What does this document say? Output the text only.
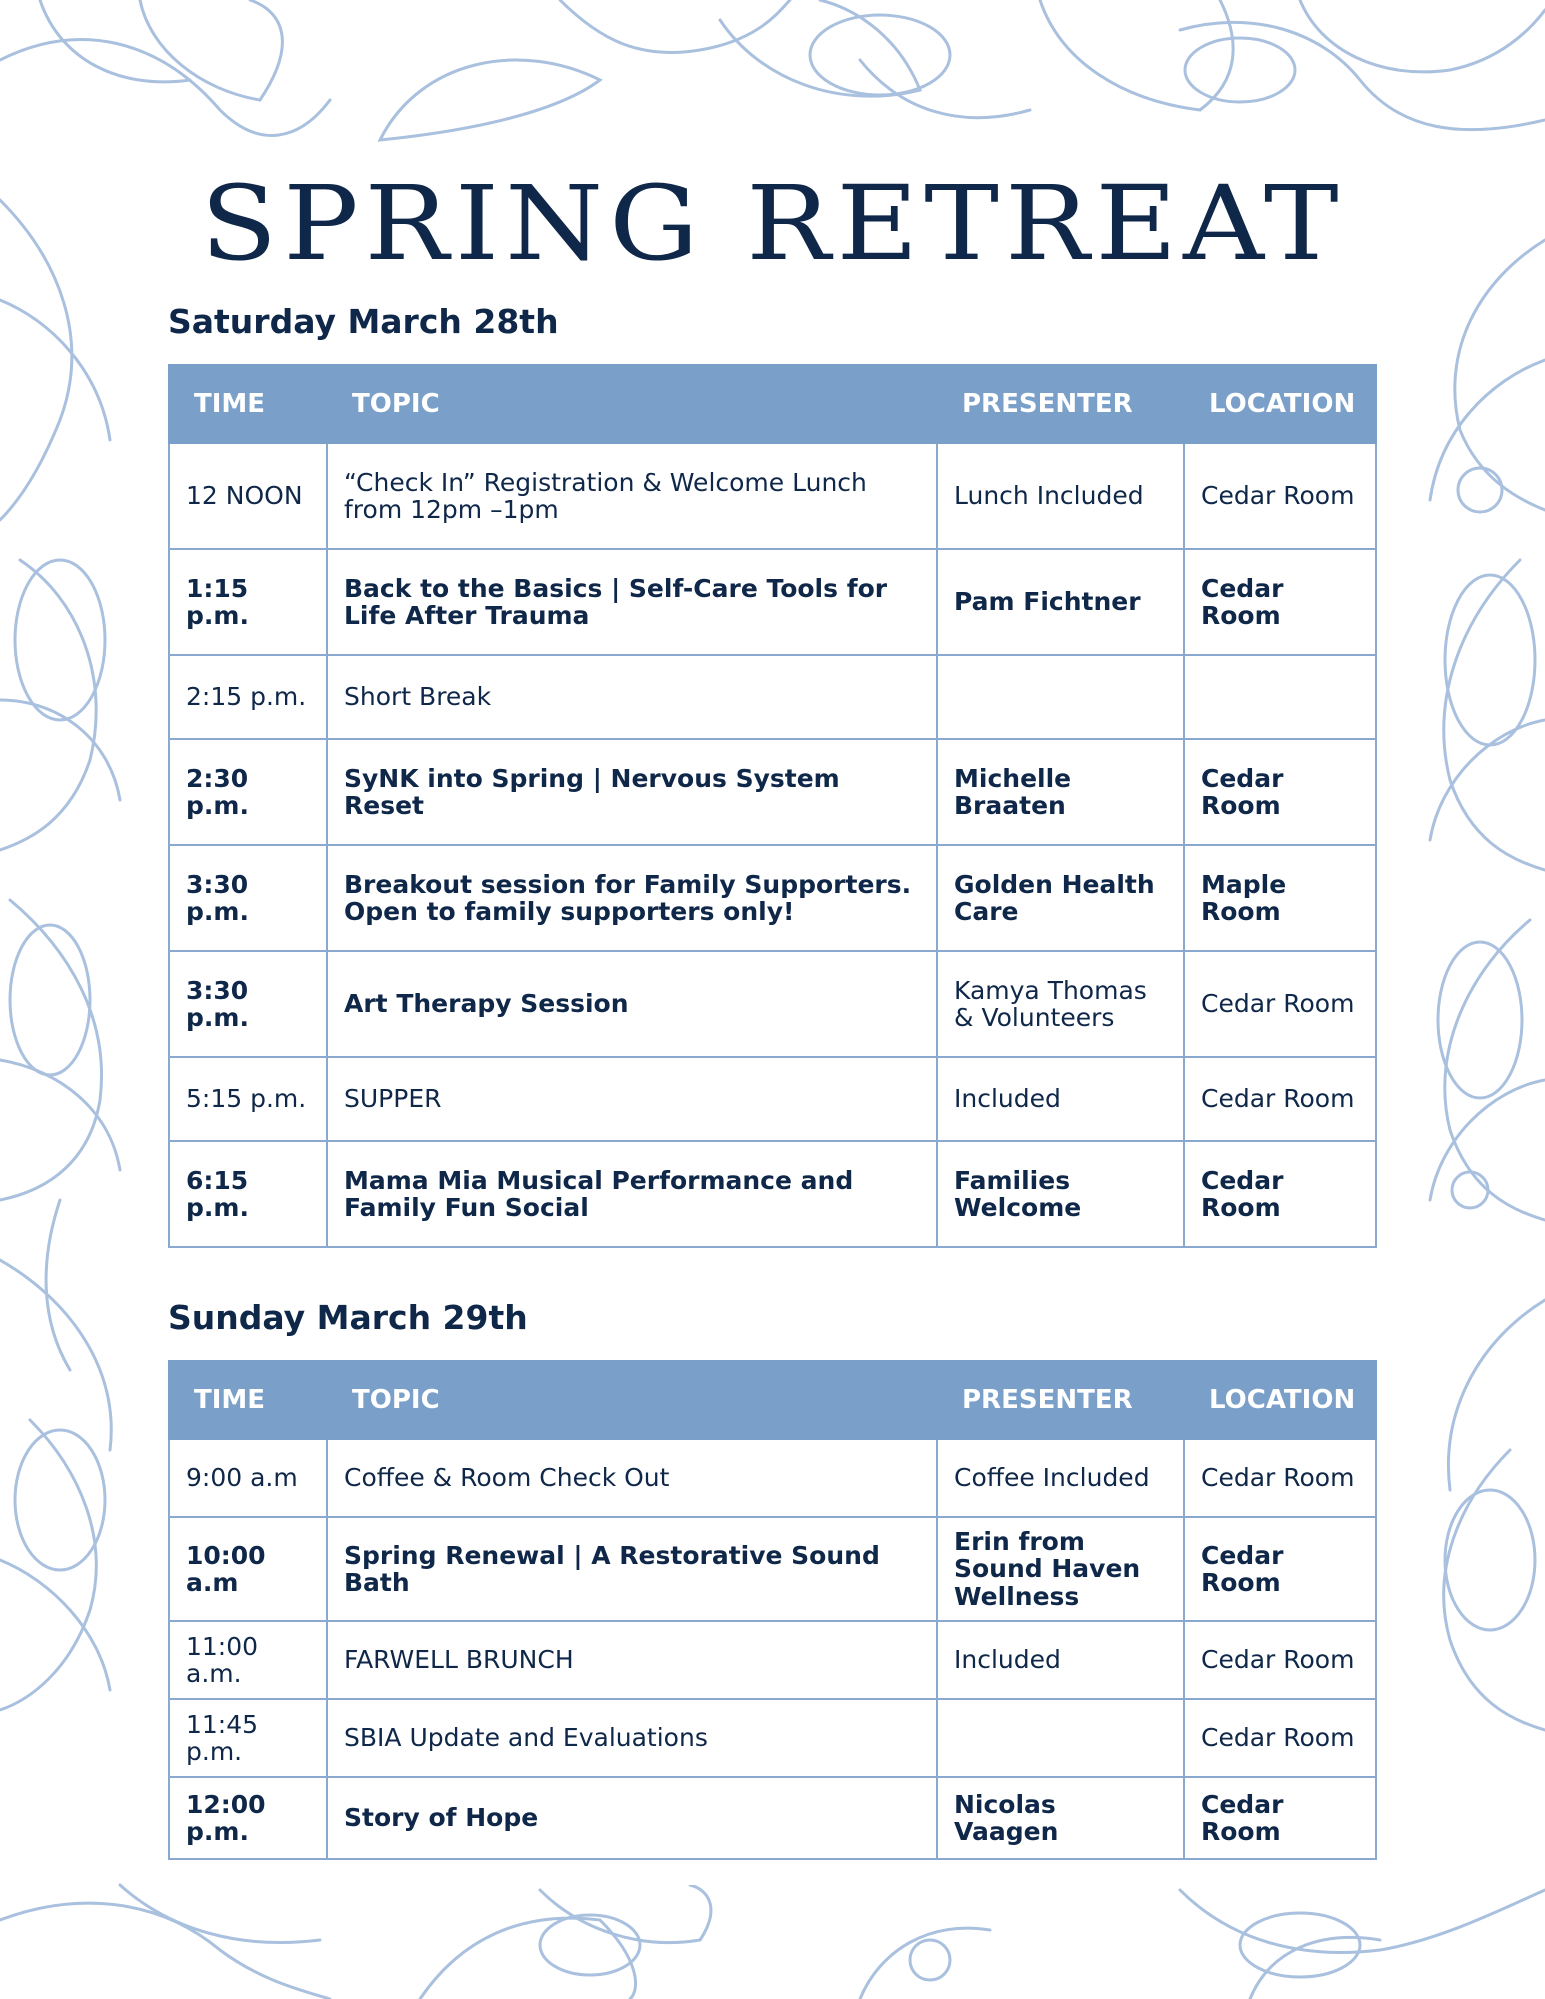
SPRING RETREAT
Saturday March 28th
TIME	TOPIC	PRESENTER	LOCATION
12 NOON	“Check In” Registration & Welcome Lunch from 12pm –1pm	Lunch Included	Cedar Room
1:15 p.m.	Back to the Basics | Self-Care Tools for Life After Trauma	Pam Fichtner	Cedar Room
2:15 p.m.	Short Break		
2:30 p.m.	SyNK into Spring | Nervous System Reset	Michelle Braaten	Cedar Room
3:30 p.m.	Breakout session for Family Supporters. Open to family supporters only!	Golden Health Care	Maple Room
3:30 p.m.	Art Therapy Session	Kamya Thomas & Volunteers	Cedar Room
5:15 p.m.	SUPPER	Included	Cedar Room
6:15 p.m.	Mama Mia Musical Performance and Family Fun Social	Families Welcome	Cedar Room
Sunday March 29th
TIME	TOPIC	PRESENTER	LOCATION
9:00 a.m	Coffee & Room Check Out	Coffee Included	Cedar Room
10:00 a.m	Spring Renewal | A Restorative Sound Bath	Erin from Sound Haven Wellness	Cedar Room
11:00 a.m.	FARWELL BRUNCH	Included	Cedar Room
11:45 p.m.	SBIA Update and Evaluations		Cedar Room
12:00 p.m.	Story of Hope	Nicolas Vaagen	Cedar Room
